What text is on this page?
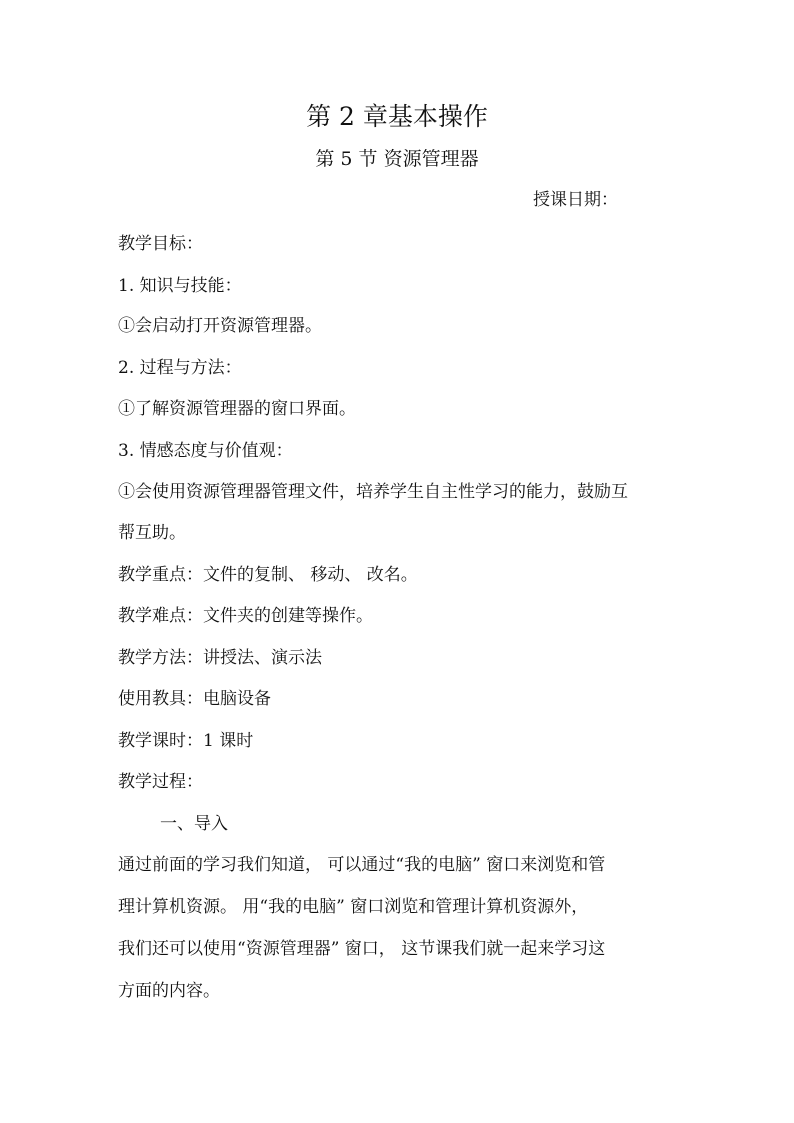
第 2 章基本操作
第 5 节 资源管理器
授课日期：
教学目标：
1. 知识与技能：
①会启动打开资源管理器。
2. 过程与方法：
①了解资源管理器的窗口界面。
3. 情感态度与价值观：
①会使用资源管理器管理文件，培养学生自主性学习的能力，鼓励互
帮互助。
教学重点：文件的复制、 移动、 改名。
教学难点：文件夹的创建等操作。
教学方法：讲授法、演示法
使用教具：电脑设备
教学课时：1 课时
教学过程：
一、导入
通过前面的学习我们知道， 可以通过“我的电脑” 窗口来浏览和管
理计算机资源。 用“我的电脑” 窗口浏览和管理计算机资源外，
我们还可以使用“资源管理器” 窗口， 这节课我们就一起来学习这
方面的内容。
